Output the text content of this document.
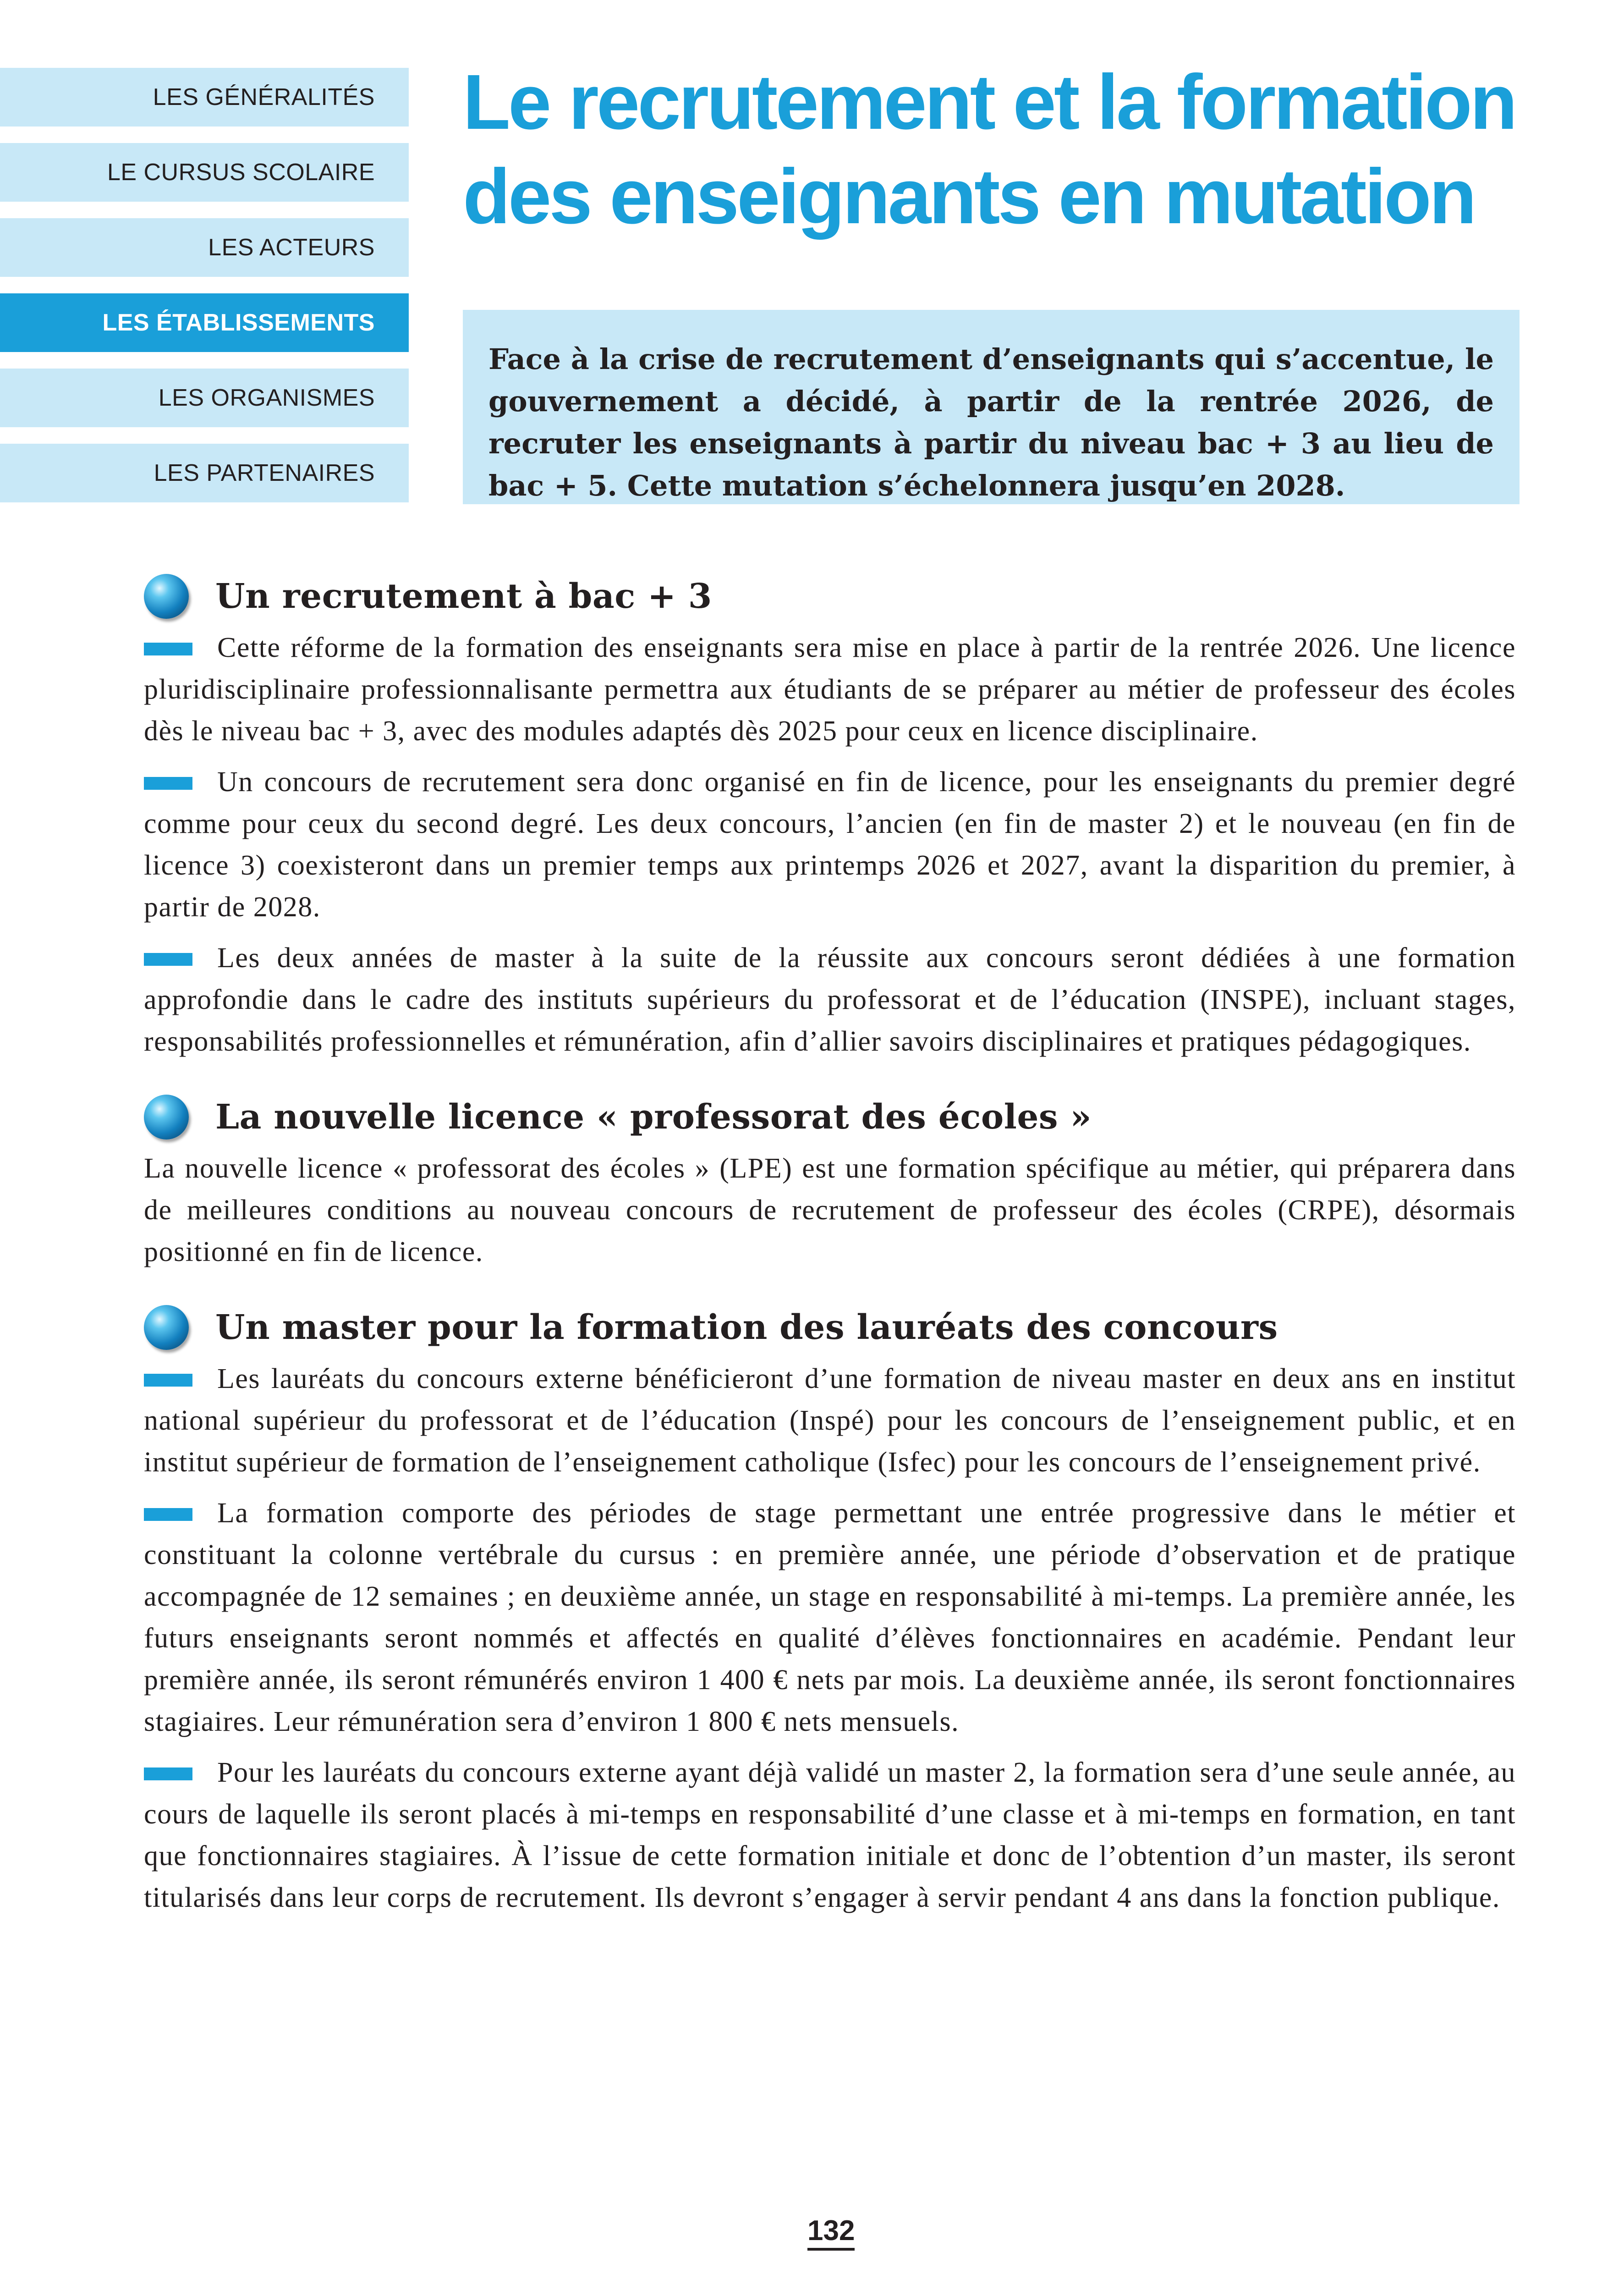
LES GÉNÉRALITÉS
LE CURSUS SCOLAIRE
LES ACTEURS
LES ÉTABLISSEMENTS
LES ORGANISMES
LES PARTENAIRES
Le recrutement et la formation
des enseignants en mutation
Face à la crise de recrutement d’enseignants qui s’accentue, le gouvernement a décidé, à partir de la rentrée 2026, de recruter les enseignants à partir du niveau bac + 3 au lieu de bac + 5. Cette mutation s’échelonnera jusqu’en 2028.
Un recrutement à bac + 3

Cette réforme de la formation des enseignants sera mise en place à partir de la rentrée 2026. Une licence pluridisciplinaire professionnalisante permettra aux étudiants de se préparer au métier de professeur des écoles dès le niveau bac + 3, avec des modules adaptés dès 2025 pour ceux en licence disciplinaire.

Un concours de recrutement sera donc organisé en fin de licence, pour les enseignants du premier degré comme pour ceux du second degré. Les deux concours, l’ancien (en fin de master 2) et le nouveau (en fin de licence 3) coexisteront dans un premier temps aux printemps 2026 et 2027, avant la disparition du premier, à partir de 2028.

Les deux années de master à la suite de la réussite aux concours seront dédiées à une formation approfondie dans le cadre des instituts supérieurs du professorat et de l’éducation (INSPE), incluant stages, responsabilités professionnelles et rémunération, afin d’allier savoirs disciplinaires et pratiques pédagogiques.

La nouvelle licence « professorat des écoles »

La nouvelle licence « professorat des écoles » (LPE) est une formation spécifique au métier, qui préparera dans de meilleures conditions au nouveau concours de recrutement de professeur des écoles (CRPE), désormais positionné en fin de licence.

Un master pour la formation des lauréats des concours

Les lauréats du concours externe bénéficieront d’une formation de niveau master en deux ans en institut national supérieur du professorat et de l’éducation (Inspé) pour les concours de l’enseignement public, et en institut supérieur de formation de l’enseignement catholique (Isfec) pour les concours de l’enseignement privé.

La formation comporte des périodes de stage permettant une entrée progressive dans le métier et constituant la colonne vertébrale du cursus : en première année, une période d’observation et de pratique accompagnée de 12 semaines ; en deuxième année, un stage en responsabilité à mi-temps. La première année, les futurs enseignants seront nommés et affectés en qualité d’élèves fonctionnaires en académie. Pendant leur première année, ils seront rémunérés environ 1 400 € nets par mois. La deuxième année, ils seront fonctionnaires stagiaires. Leur rémunération sera d’environ 1 800 € nets mensuels.

Pour les lauréats du concours externe ayant déjà validé un master 2, la formation sera d’une seule année, au cours de laquelle ils seront placés à mi-temps en responsabilité d’une classe et à mi-temps en formation, en tant que fonctionnaires stagiaires. À l’issue de cette formation initiale et donc de l’obtention d’un master, ils seront titularisés dans leur corps de recrutement. Ils devront s’engager à servir pendant 4 ans dans la fonction publique.

132
